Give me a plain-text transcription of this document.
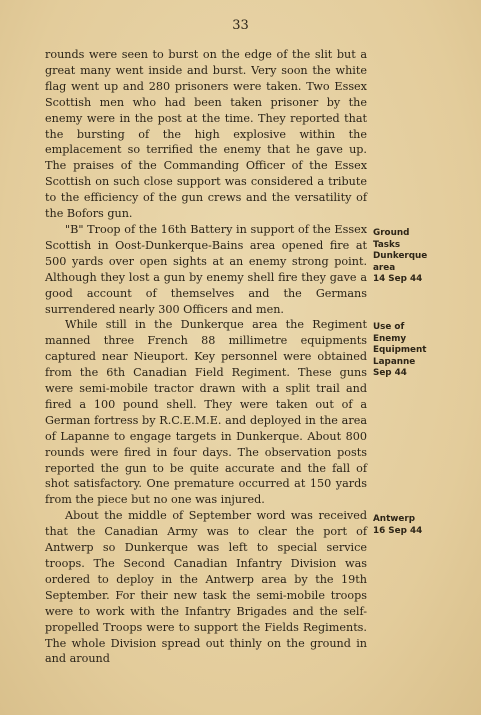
33

rounds were seen to burst on the edge of the slit but a great many went inside and burst. Very soon the white flag went up and 280 prisoners were taken. Two Essex Scottish men who had been taken prisoner by the enemy were in the post at the time. They reported that the bursting of the high explosive within the emplacement so terrified the enemy that he gave up. The praises of the Commanding Officer of the Essex Scottish on such close support was considered a tribute to the efficiency of the gun crews and the versatility of the Bofors gun.

"B" Troop of the 16th Battery in support of the Essex Scottish in Oost-Dunkerque-Bains area opened fire at 500 yards over open sights at an enemy strong point. Although they lost a gun by enemy shell fire they gave a good account of themselves and the Germans surrendered nearly 300 Officers and men.

While still in the Dunkerque area the Regiment manned three French 88 millimetre equipments captured near Nieuport. Key personnel were obtained from the 6th Canadian Field Regiment. These guns were semi-mobile tractor drawn with a split trail and fired a 100 pound shell. They were taken out of a German fortress by R.C.E.M.E. and deployed in the area of Lapanne to engage targets in Dunkerque. About 800 rounds were fired in four days. The observation posts reported the gun to be quite accurate and the fall of shot satisfactory. One premature occurred at 150 yards from the piece but no one was injured.

About the middle of September word was received that the Canadian Army was to clear the port of Antwerp so Dunkerque was left to special service troops. The Second Canadian Infantry Division was ordered to deploy in the Antwerp area by the 19th September. For their new task the semi-mobile troops were to work with the Infantry Brigades and the self-propelled Troops were to support the Fields Regiments. The whole Division spread out thinly on the ground in and around

Ground
Tasks
Dunkerque
area
14 Sep 44
Use of
Enemy
Equipment
Lapanne
Sep 44
Antwerp
16 Sep 44
